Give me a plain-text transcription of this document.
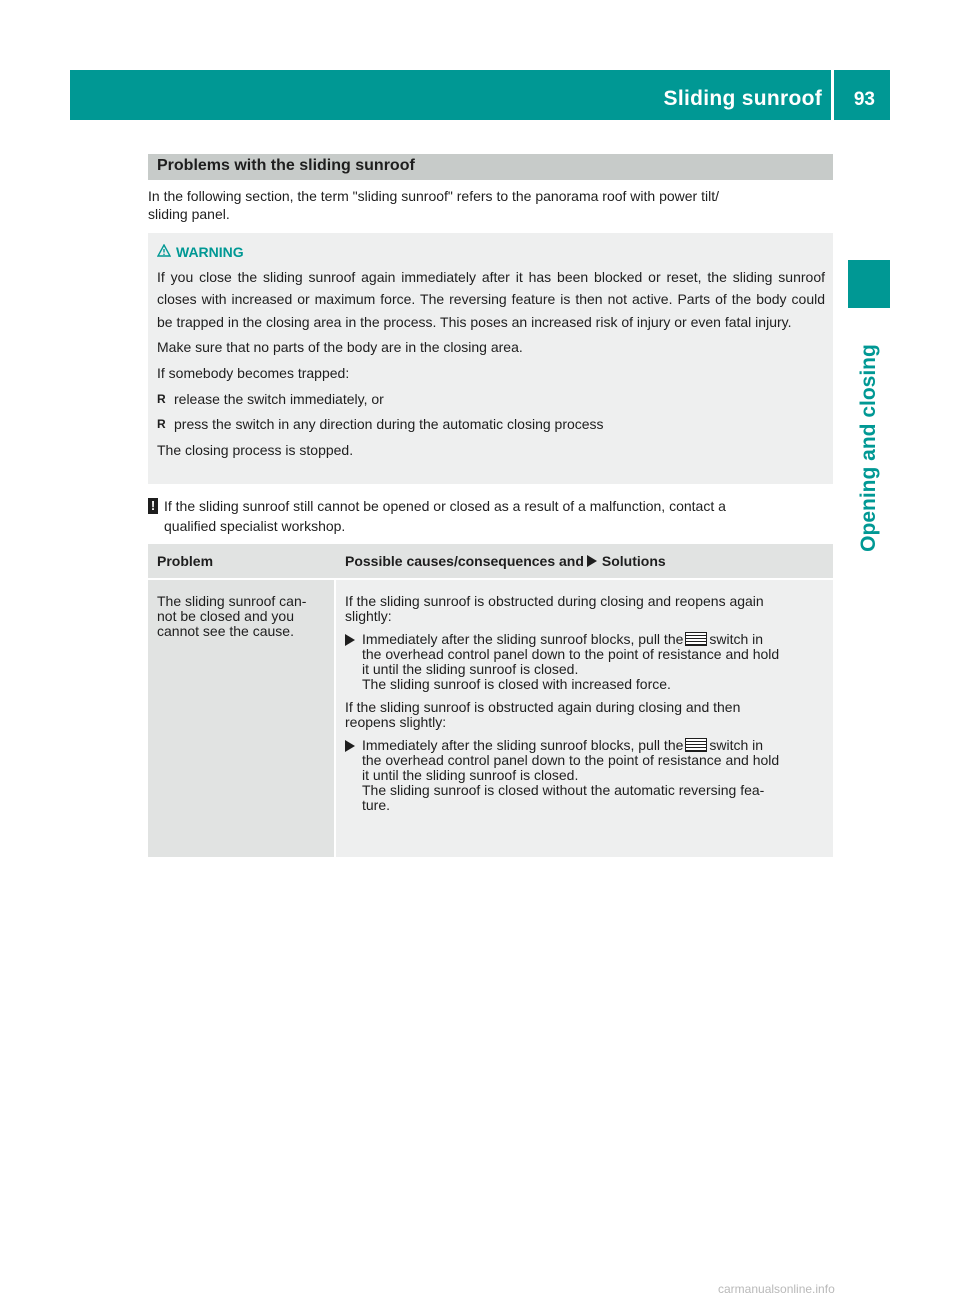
Sliding sunroof 93
Opening and closing
Problems with the sliding sunroof
In the following section, the term "sliding sunroof" refers to the panorama roof with power tilt/
sliding panel.
WARNING

If you close the sliding sunroof again immediately after it has been blocked or reset, the sliding sunroof closes with increased or maximum force. The reversing feature is then not active. Parts of the body could be trapped in the closing area in the process. This poses an increased risk of injury or even fatal injury.

Make sure that no parts of the body are in the closing area.

If somebody becomes trapped:

R release the switch immediately, or
R press the switch in any direction during the automatic closing process

The closing process is stopped.

! If the sliding sunroof still cannot be opened or closed as a result of a malfunction, contact a
qualified specialist workshop.
Problem	Possible causes/consequences and Solutions
The sliding sunroof can-
not be closed and you
cannot see the cause.

If the sliding sunroof is obstructed during closing and reopens again
slightly:

Immediately after the sliding sunroof blocks, pull the switch in
the overhead control panel down to the point of resistance and hold
it until the sliding sunroof is closed.
The sliding sunroof is closed with increased force.

If the sliding sunroof is obstructed again during closing and then
reopens slightly:

Immediately after the sliding sunroof blocks, pull the switch in
the overhead control panel down to the point of resistance and hold
it until the sliding sunroof is closed.
The sliding sunroof is closed without the automatic reversing fea-
ture.
carmanualsonline.info
